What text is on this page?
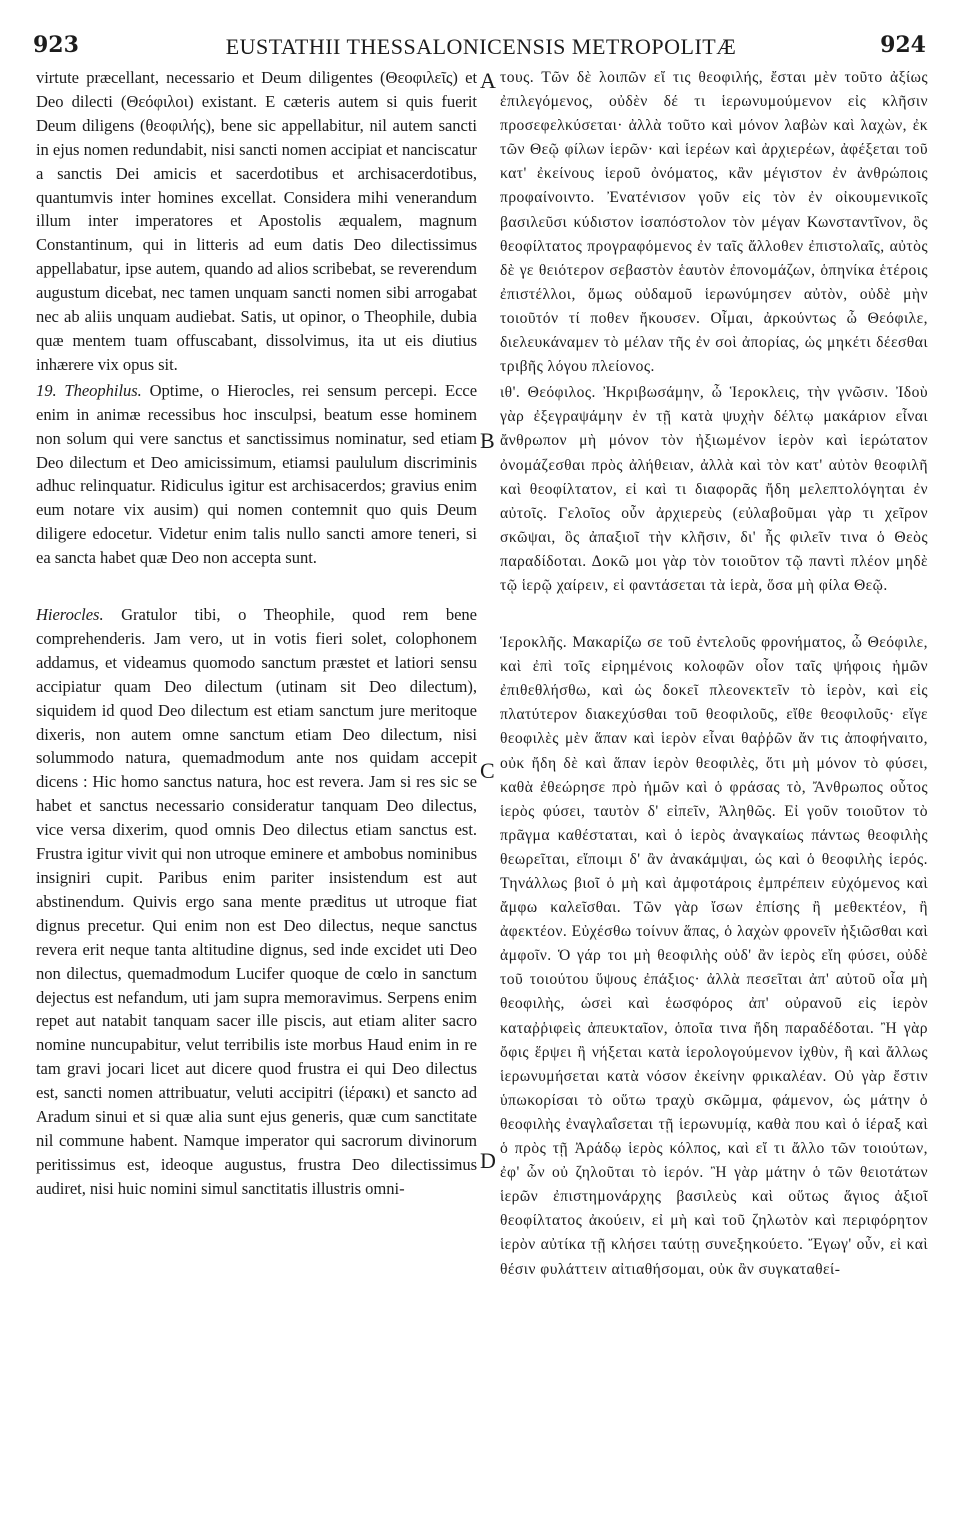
923	EUSTATHII THESSALONICENSIS METROPOLITÆ	924

virtute præcellant, necessario et Deum diligentes (Θεοφιλεῖς) et Deo dilecti (Θεόφιλοι) existant. E cæteris autem si quis fuerit Deum diligens (θεοφιλής), bene sic appellabitur, nil autem sancti in ejus nomen redundabit, nisi sancti nomen accipiat et nanciscatur a sanctis Dei amicis et sacerdotibus et archisacerdotibus, quantumvis inter homines excellat. Considera mihi venerandum illum inter imperatores et Apostolis æqualem, magnum Constantinum, qui in litteris ad eum datis Deo dilectissimus appellabatur, ipse autem, quando ad alios scribebat, se reverendum augustum dicebat, nec tamen unquam sancti nomen sibi arrogabat nec ab aliis unquam audiebat. Satis, ut opinor, o Theophile, dubia quæ mentem tuam offuscabant, dissolvimus, ita ut eis diutius inhærere vix opus sit.

19. Theophilus. Optime, o Hierocles, rei sensum percepi. Ecce enim in animæ recessibus hoc insculpsi, beatum esse hominem non solum qui vere sanctus et sanctissimus nominatur, sed etiam Deo dilectum et Deo amicissimum, etiamsi paululum discriminis adhuc relinquatur. Ridiculus igitur est archisacerdos; gravius enim eum notare vix ausim) qui nomen contemnit quo quis Deum diligere edocetur. Videtur enim talis nullo sancti amore teneri, si ea sancta habet quæ Deo non accepta sunt.

Hierocles. Gratulor tibi, o Theophile, quod rem bene comprehenderis. Jam vero, ut in votis fieri solet, colophonem addamus, et videamus quomodo sanctum præstet et latiori sensu accipiatur quam Deo dilectum (utinam sit Deo dilectum), siquidem id quod Deo dilectum est etiam sanctum jure meritoque dixeris, non autem omne sanctum etiam Deo dilectum, nisi solummodo natura, quemadmodum ante nos quidam accepit dicens : Hic homo sanctus natura, hoc est revera. Jam si res sic se habet et sanctus necessario consideratur tanquam Deo dilectus, vice versa dixerim, quod omnis Deo dilectus etiam sanctus est. Frustra igitur vivit qui non utroque eminere et ambobus nominibus insigniri cupit. Paribus enim pariter insistendum est aut abstinendum. Quivis ergo sana mente præditus ut utroque fiat dignus precetur. Qui enim non est Deo dilectus, neque sanctus revera erit neque tanta altitudine dignus, sed inde excidet uti Deo non dilectus, quemadmodum Lucifer quoque de cœlo in sanctum dejectus est nefandum, uti jam supra memoravimus. Serpens enim repet aut natabit tanquam sacer ille piscis, aut etiam aliter sacro nomine nuncupabitur, velut terribilis iste morbus Haud enim in re tam gravi jocari licet aut dicere quod frustra ei qui Deo dilectus est, sancti nomen attribuatur, veluti accipitri (ἱέρακι) et sancto ad Aradum sinui et si quæ alia sunt ejus generis, quæ cum sanctitate nil commune habent. Namque imperator qui sacrorum divinorum peritissimus est, ideoque augustus, frustra Deo dilectissimus audiret, nisi huic nomini simul sanctitatis illustris omni-

τους. Τῶν δὲ λοιπῶν εἴ τις θεοφιλής, ἔσται μὲν τοῦτο ἀξίως ἐπιλεγόμενος, οὐδὲν δέ τι ἱερωνυμούμενον εἰς κλῆσιν προσεφελκύσεται· ἀλλὰ τοῦτο καὶ μόνον λαβὼν καὶ λαχὼν, ἐκ τῶν Θεῷ φίλων ἱερῶν· καὶ ἱερέων καὶ ἀρχιερέων, ἀφέξεται τοῦ κατ' ἐκείνους ἱεροῦ ὀνόματος, κἂν μέγιστον ἐν ἀνθρώποις προφαίνοιντο. Ἐνατένισον γοῦν εἰς τὸν ἐν οἰκουμενικοῖς βασιλεῦσι κύδιστον ἰσαπόστολον τὸν μέγαν Κωνσταντῖνον, ὃς θεοφίλτατος προγραφόμενος ἐν ταῖς ἄλλοθεν ἐπιστολαῖς, αὐτὸς δὲ γε θειότερον σεβαστὸν ἑαυτὸν ἐπονομάζων, ὁπηνίκα ἑτέροις ἐπιστέλλοι, ὅμως οὐδαμοῦ ἱερωνύμησεν αὐτὸν, οὐδὲ μὴν τοιοῦτόν τί ποθεν ἤκουσεν. Οἶμαι, ἀρκούντως ὦ Θεόφιλε, διελευκάναμεν τὸ μέλαν τῆς ἐν σοὶ ἀπορίας, ὡς μηκέτι δέεσθαι τριβῆς λόγου πλείονος.

ιθ'. Θεόφιλος. Ἠκριβωσάμην, ὦ Ἱεροκλεις, τὴν γνῶσιν. Ἰδοὺ γὰρ ἐξεγραψάμην ἐν τῇ κατὰ ψυχὴν δέλτῳ μακάριον εἶναι ἄνθρωπον μὴ μόνον τὸν ἠξιωμένον ἱερὸν καὶ ἱερώτατον ὀνομάζεσθαι πρὸς ἀλήθειαν, ἀλλὰ καὶ τὸν κατ' αὐτὸν θεοφιλῆ καὶ θεοφίλτατον, εἰ καὶ τι διαφορᾶς ἤδη μελεπτολόγηται ἐν αὐτοῖς. Γελοῖος οὖν ἀρχιερεὺς (εὐλαβοῦμαι γὰρ τι χεῖρον σκῶψαι, ὃς ἀπαξιοῖ τὴν κλῆσιν, δι' ἧς φιλεῖν τινα ὁ Θεὸς παραδίδοται. Δοκῶ μοι γὰρ τὸν τοιοῦτον τῷ παντὶ πλέον μηδὲ τῷ ἱερῷ χαίρειν, εἰ φαντάσεται τὰ ἱερὰ, ὅσα μὴ φίλα Θεῷ.

Ἱεροκλῆς. Μακαρίζω σε τοῦ ἐντελοῦς φρονήματος, ὦ Θεόφιλε, καὶ ἐπὶ τοῖς εἰρημένοις κολοφῶν οἷον ταῖς ψήφοις ἡμῶν ἐπιθεθλήσθω, καὶ ὡς δοκεῖ πλεονεκτεῖν τὸ ἱερὸν, καὶ εἰς πλατύτερον διακεχύσθαι τοῦ θεοφιλοῦς, εἴθε θεοφιλοῦς· εἴγε θεοφιλὲς μὲν ἅπαν καὶ ἱερὸν εἶναι θαῤῥῶν ἄν τις ἀποφήναιτο, οὐκ ἤδη δὲ καὶ ἅπαν ἱερὸν θεοφιλὲς, ὅτι μὴ μόνον τὸ φύσει, καθὰ ἐθεώρησε πρὸ ἡμῶν καὶ ὁ φράσας τὸ, Ἄνθρωπος οὗτος ἱερὸς φύσει, ταυτὸν δ' εἰπεῖν, Ἀληθῶς. Εἰ γοῦν τοιοῦτον τὸ πρᾶγμα καθέσταται, καὶ ὁ ἱερὸς ἀναγκαίως πάντως θεοφιλὴς θεωρεῖται, εἴποιμι δ' ἂν ἀνακάμψαι, ὡς καὶ ὁ θεοφιλὴς ἱερός. Τηνάλλως βιοῖ ὁ μὴ καὶ ἀμφοτάροις ἐμπρέπειν εὐχόμενος καὶ ἄμφω καλεῖσθαι. Τῶν γὰρ ἴσων ἐπίσης ἢ μεθεκτέον, ἢ ἀφεκτέον. Εὐχέσθω τοίνυν ἅπας, ὁ λαχὼν φρονεῖν ἠξιῶσθαι καὶ ἀμφοῖν. Ὁ γάρ τοι μὴ θεοφιλὴς οὐδ' ἂν ἱερὸς εἴη φύσει, οὐδὲ τοῦ τοιούτου ὕψους ἐπάξιος· ἀλλὰ πεσεῖται ἀπ' αὐτοῦ οἷα μὴ θεοφιλὴς, ὡσεὶ καὶ ἑωσφόρος ἀπ' οὐρανοῦ εἰς ἱερὸν καταῤῥιφεὶς ἀπευκταῖον, ὁποῖα τινα ἤδη παραδέδοται. Ἢ γὰρ ὄφις ἕρψει ἢ νήξεται κατὰ ἱερολογούμενον ἰχθὺν, ἢ καὶ ἄλλως ἱερωνυμήσεται κατὰ νόσον ἐκείνην φρικαλέαν. Οὐ γὰρ ἔστιν ὑπωκορίσαι τὸ οὕτω τραχὺ σκῶμμα, φάμενον, ὡς μάτην ὁ θεοφιλὴς ἐναγλαΐσεται τῇ ἱερωνυμίᾳ, καθὰ που καὶ ὁ ἱέραξ καὶ ὁ πρὸς τῇ Ἀράδῳ ἱερὸς κόλπος, καὶ εἴ τι ἄλλο τῶν τοιούτων, ἐφ' ὧν οὐ ζηλοῦται τὸ ἱερόν. Ἢ γὰρ μάτην ὁ τῶν θειοτάτων ἱερῶν ἐπιστημονάρχης βασιλεὺς καὶ οὕτως ἅγιος ἀξιοῖ θεοφίλτατος ἀκούειν, εἰ μὴ καὶ τοῦ ζηλωτὸν καὶ περιφόρητον ἱερὸν αὐτίκα τῇ κλήσει ταύτῃ συνεξηκούετο. Ἔγωγ' οὖν, εἰ καὶ θέσιν φυλάττειν αἰτιαθήσομαι, οὐκ ἂν συγκαταθεί-

A
B
C
D
